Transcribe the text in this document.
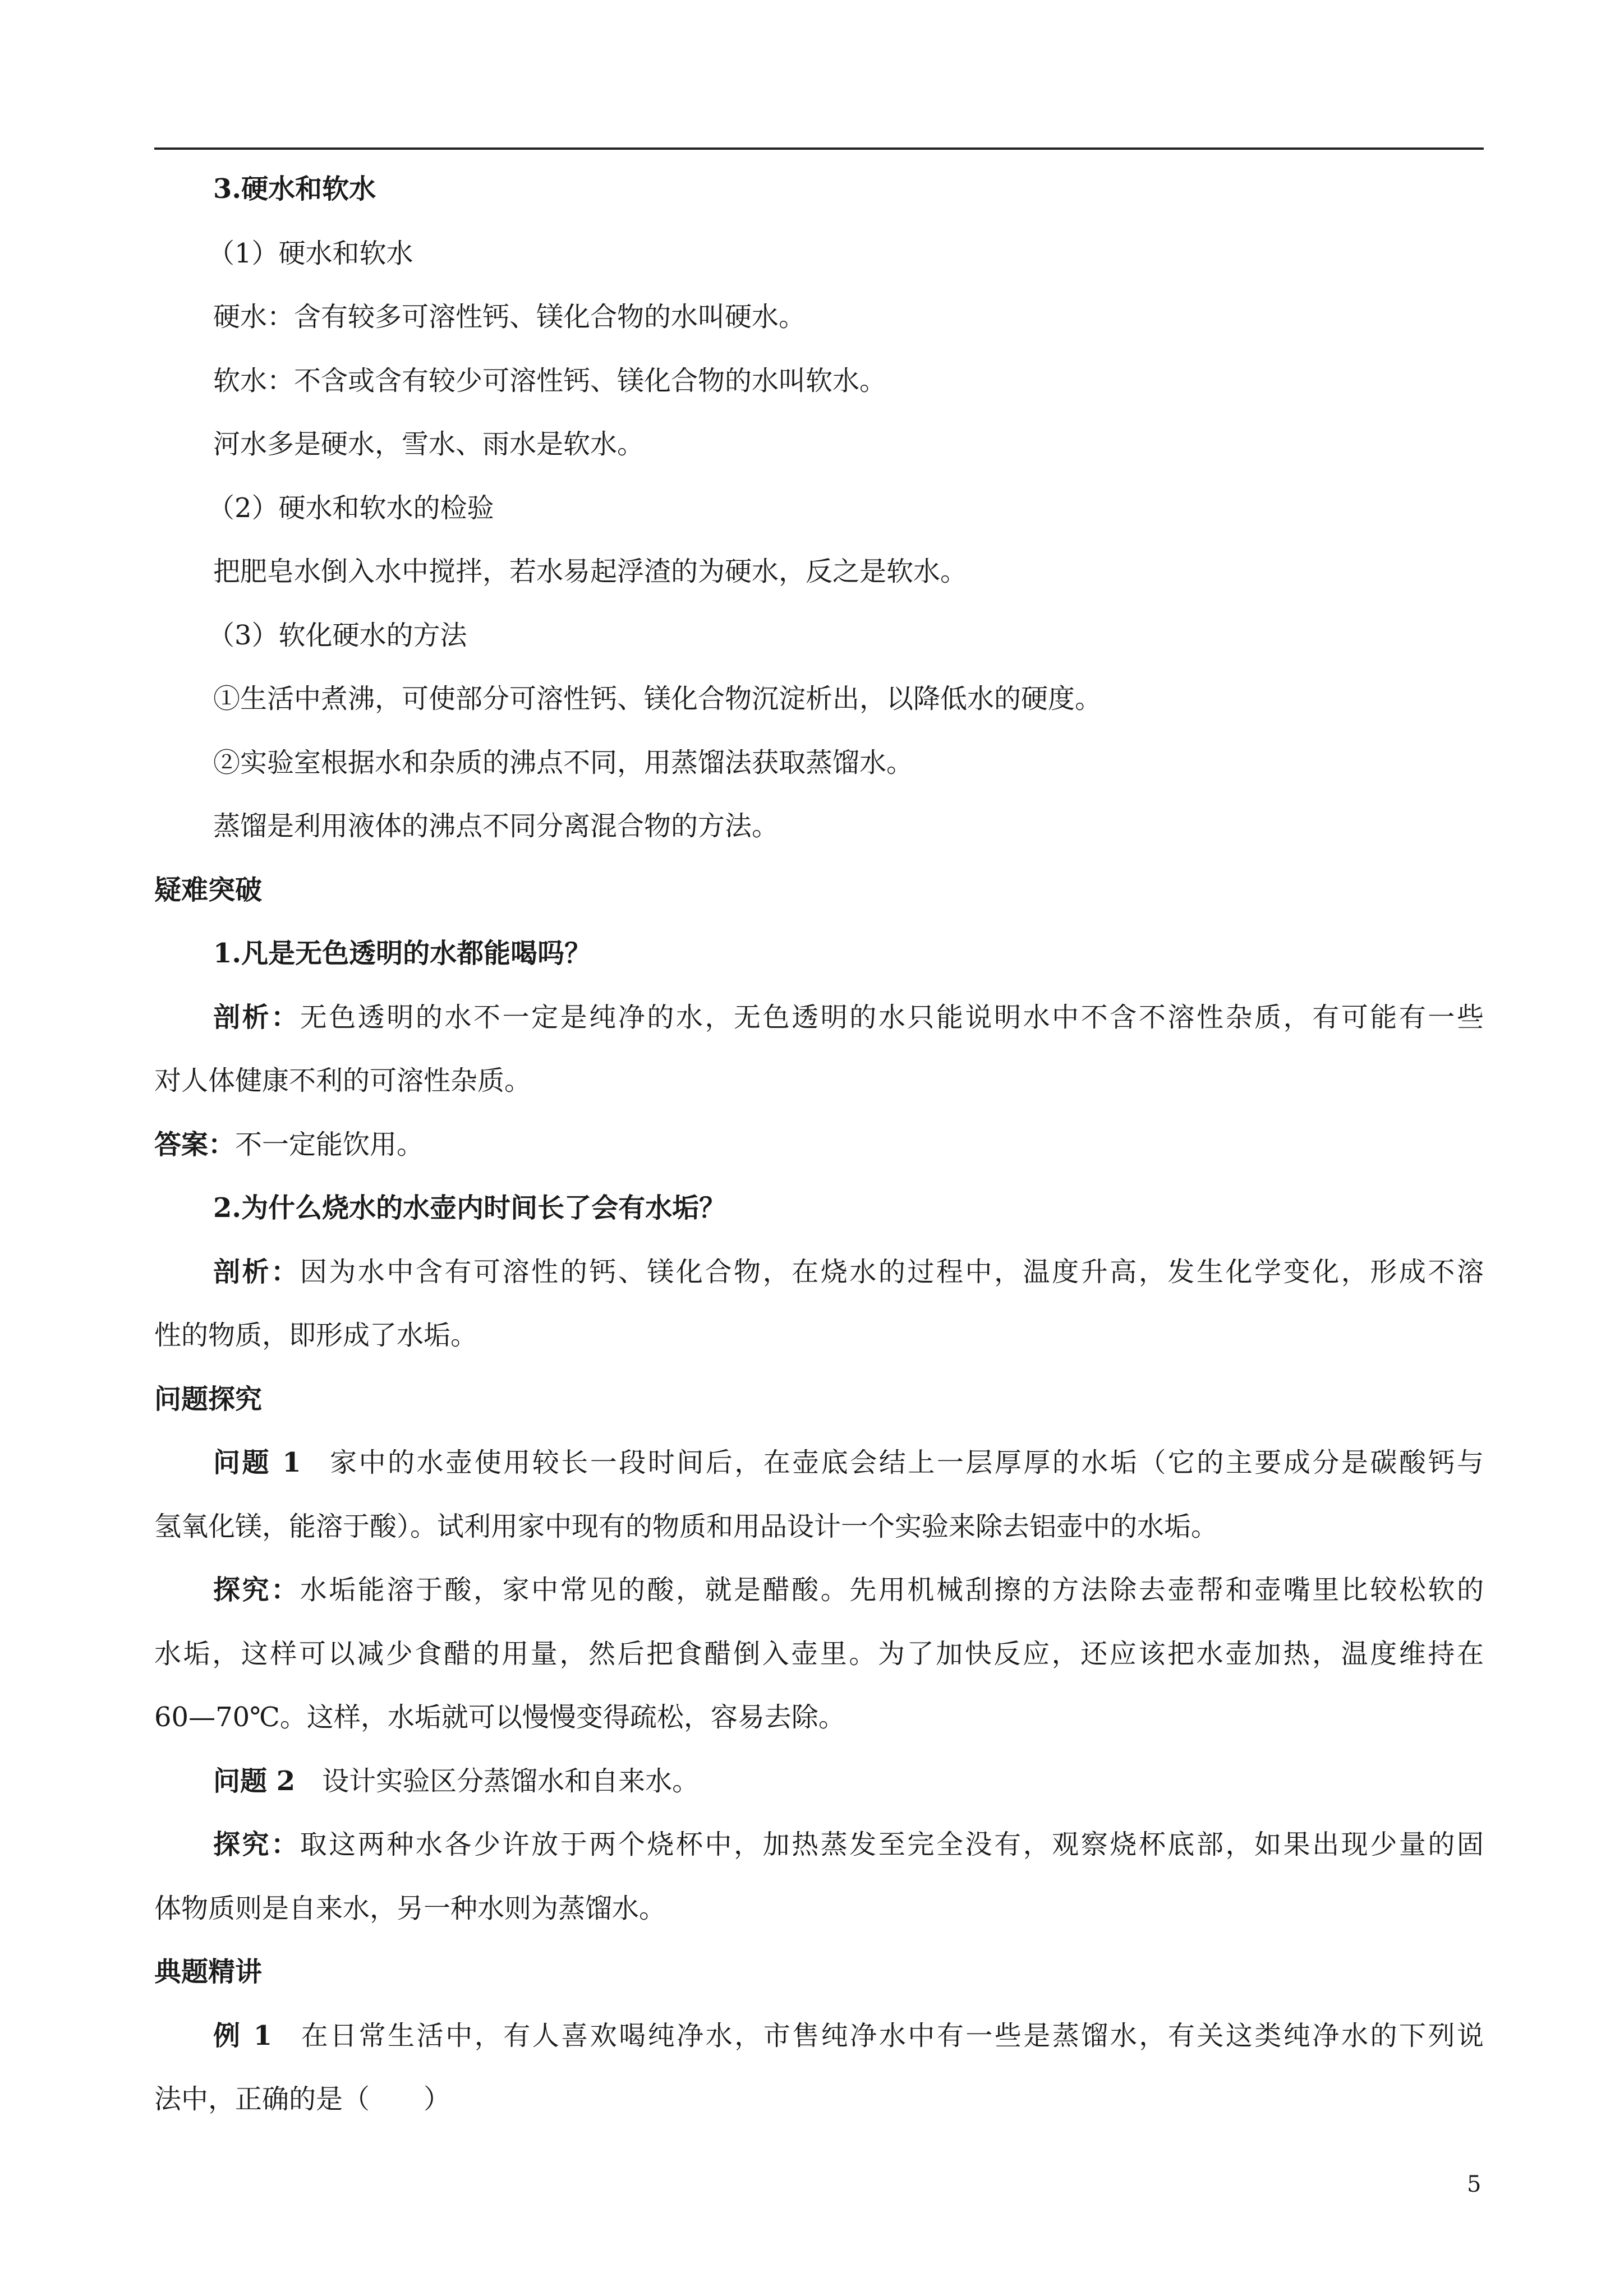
3.硬水和软水
（1）硬水和软水
硬水：含有较多可溶性钙、镁化合物的水叫硬水。
软水：不含或含有较少可溶性钙、镁化合物的水叫软水。
河水多是硬水，雪水、雨水是软水。
（2）硬水和软水的检验
把肥皂水倒入水中搅拌，若水易起浮渣的为硬水，反之是软水。
（3）软化硬水的方法
①生活中煮沸，可使部分可溶性钙、镁化合物沉淀析出，以降低水的硬度。
②实验室根据水和杂质的沸点不同，用蒸馏法获取蒸馏水。
蒸馏是利用液体的沸点不同分离混合物的方法。
疑难突破
1.凡是无色透明的水都能喝吗？
剖析：无色透明的水不一定是纯净的水，无色透明的水只能说明水中不含不溶性杂质，有可能有一些
对人体健康不利的可溶性杂质。
答案：不一定能饮用。
2.为什么烧水的水壶内时间长了会有水垢？
剖析：因为水中含有可溶性的钙、镁化合物，在烧水的过程中，温度升高，发生化学变化，形成不溶
性的物质，即形成了水垢。
问题探究
问题 1 家中的水壶使用较长一段时间后，在壶底会结上一层厚厚的水垢（它的主要成分是碳酸钙与
氢氧化镁，能溶于酸）。试利用家中现有的物质和用品设计一个实验来除去铝壶中的水垢。
探究：水垢能溶于酸，家中常见的酸，就是醋酸。先用机械刮擦的方法除去壶帮和壶嘴里比较松软的
水垢，这样可以减少食醋的用量，然后把食醋倒入壶里。为了加快反应，还应该把水壶加热，温度维持在
60—70℃。这样，水垢就可以慢慢变得疏松，容易去除。
问题 2 设计实验区分蒸馏水和自来水。
探究：取这两种水各少许放于两个烧杯中，加热蒸发至完全没有，观察烧杯底部，如果出现少量的固
体物质则是自来水，另一种水则为蒸馏水。
典题精讲
例 1 在日常生活中，有人喜欢喝纯净水，市售纯净水中有一些是蒸馏水，有关这类纯净水的下列说
法中，正确的是（　　）
5
